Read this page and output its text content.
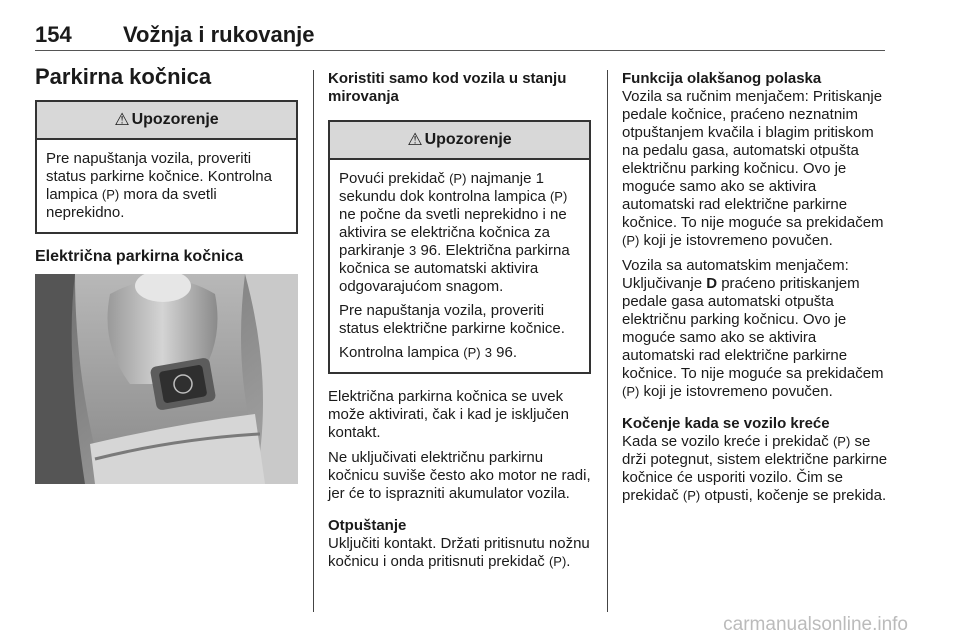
154 Vožnja i rukovanje
Parkirna kočnica
⚠ Upozorenje

Pre napuštanja vozila, proveriti status parkirne kočnice. Kontrolna lampica (P) mora da svetli neprekidno.

Električna parkirna kočnica
Koristiti samo kod vozila u stanju mirovanja
⚠ Upozorenje

Povući prekidač (P) najmanje 1 sekundu dok kontrolna lampica (P) ne počne da svetli neprekidno i ne aktivira se električna kočnica za parkiranje 3 96. Električna parkirna kočnica se automatski aktivira odgovarajućom snagom.

Pre napuštanja vozila, proveriti status električne parkirne kočnice.

Kontrolna lampica (P) 3 96.

Električna parkirna kočnica se uvek može aktivirati, čak i kad je isključen kontakt.

Ne uključivati električnu parkirnu kočnicu suviše često ako motor ne radi, jer će to isprazniti akumulator vozila.

Otpuštanje

Uključiti kontakt. Držati pritisnutu nožnu kočnicu i onda pritisnuti prekidač (P).

Funkcija olakšanog polaska

Vozila sa ručnim menjačem: Pritiskanje pedale kočnice, praćeno neznatnim otpuštanjem kvačila i blagim pritiskom na pedalu gasa, automatski otpušta električnu parking kočnicu. Ovo je moguće samo ako se aktivira automatski rad električne parkirne kočnice. To nije moguće sa prekidačem (P) koji je istovremeno povučen.

Vozila sa automatskim menjačem: Uključivanje D praćeno pritiskanjem pedale gasa automatski otpušta električnu parking kočnicu. Ovo je moguće samo ako se aktivira automatski rad električne parkirne kočnice. To nije moguće sa prekidačem (P) koji je istovremeno povučen.

Kočenje kada se vozilo kreće

Kada se vozilo kreće i prekidač (P) se drži potegnut, sistem električne parkirne kočnice će usporiti vozilo. Čim se prekidač (P) otpusti, kočenje se prekida.

carmanualsonline.info
